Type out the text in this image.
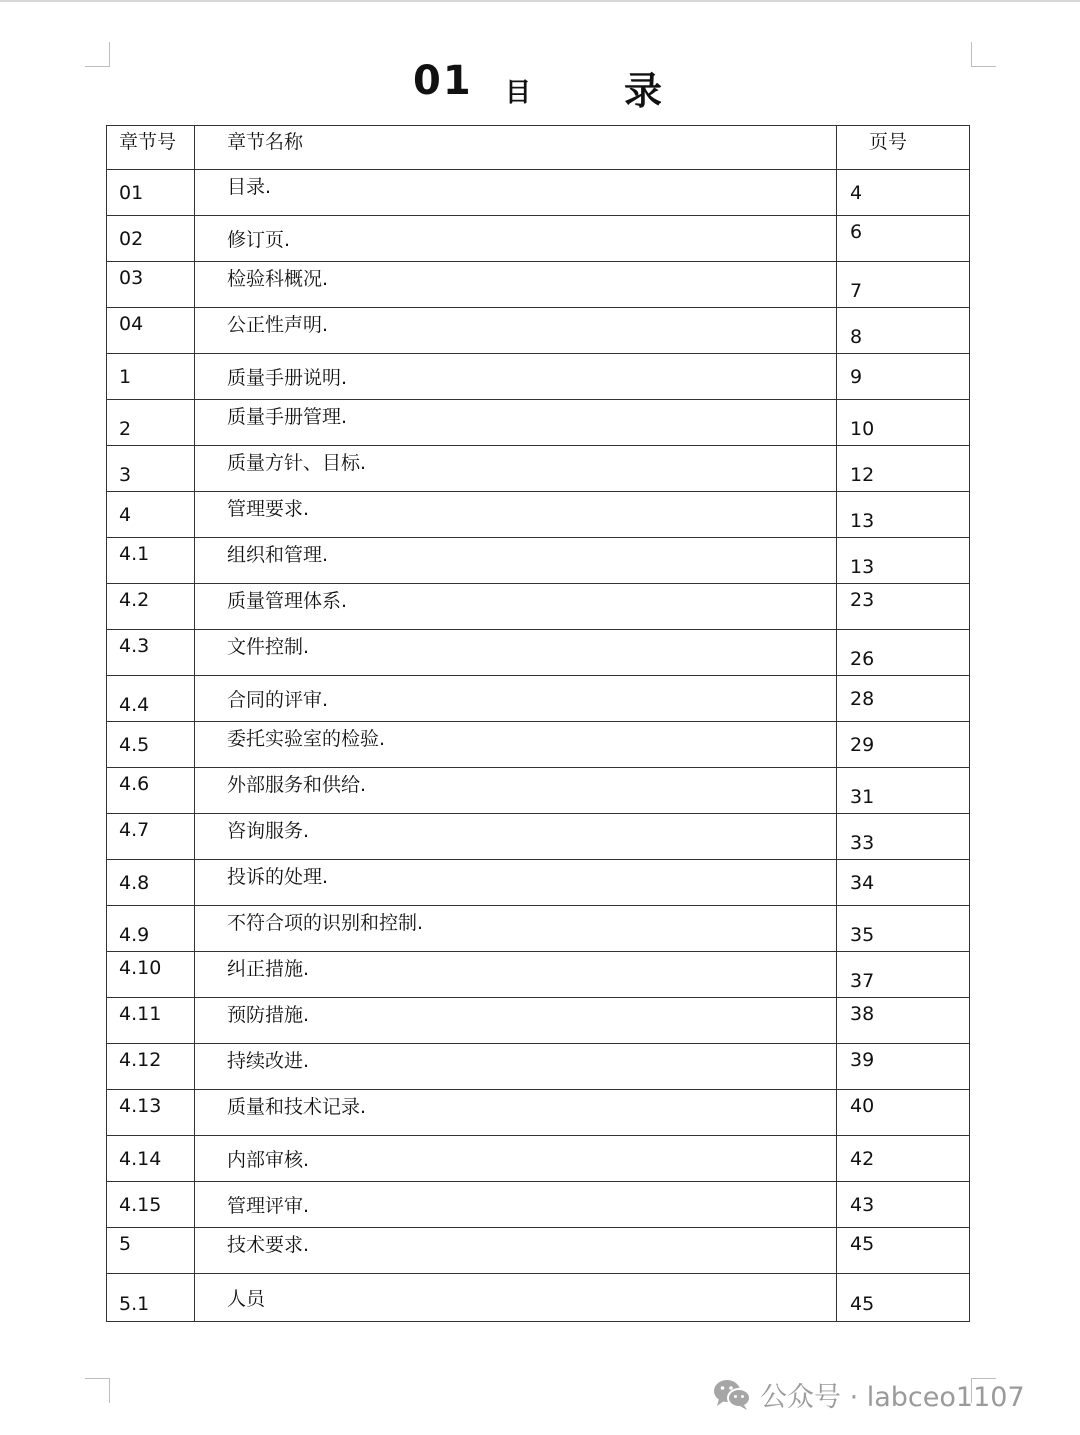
01 目 录
章节号	章节名称	页号
01	目录.	4
02	修订页.	6
03	检验科概况.	7
04	公正性声明.	8
1	质量手册说明.	9
2	质量手册管理.	10
3	质量方针、目标.	12
4	管理要求.	13
4.1	组织和管理.	13
4.2	质量管理体系.	23
4.3	文件控制.	26
4.4	合同的评审.	28
4.5	委托实验室的检验.	29
4.6	外部服务和供给.	31
4.7	咨询服务.	33
4.8	投诉的处理.	34
4.9	不符合项的识别和控制.	35
4.10	纠正措施.	37
4.11	预防措施.	38
4.12	持续改进.	39
4.13	质量和技术记录.	40
4.14	内部审核.	42
4.15	管理评审.	43
5	技术要求.	45
5.1	人员	45
公众号 · labceo1107
